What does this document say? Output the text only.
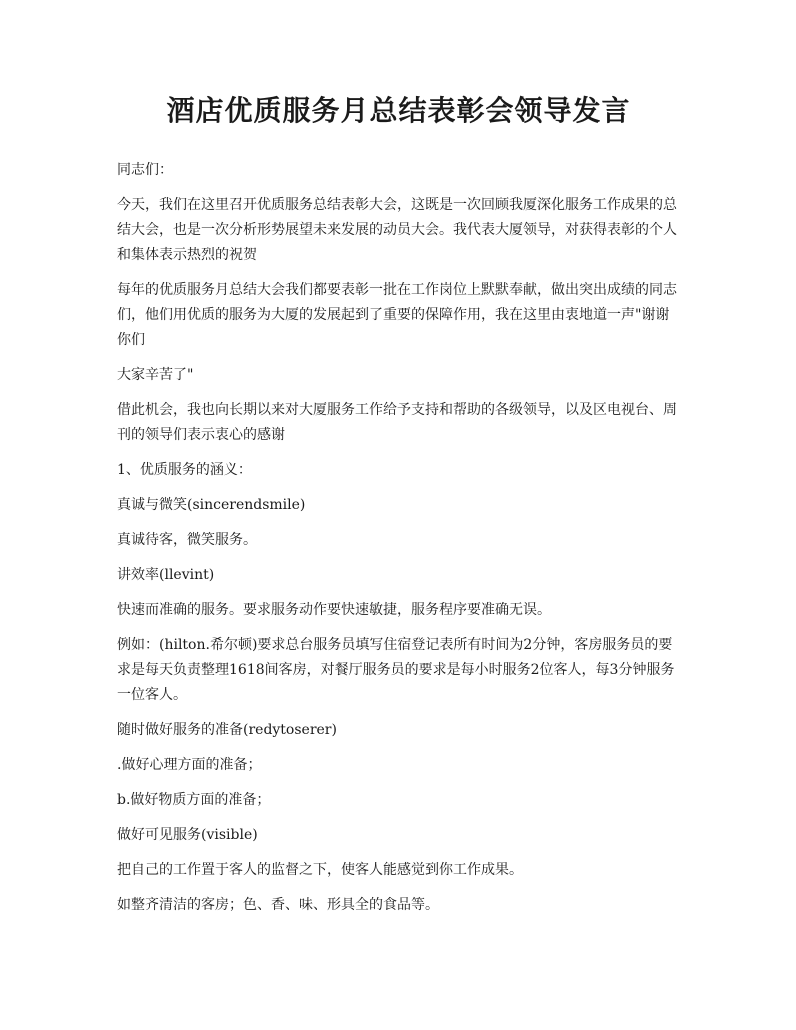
酒店优质服务月总结表彰会领导发言

同志们：

今天，我们在这里召开优质服务总结表彰大会，这既是一次回顾我厦深化服务工作成果的总结大会，也是一次分析形势展望未来发展的动员大会。我代表大厦领导，对获得表彰的个人和集体表示热烈的祝贺

每年的优质服务月总结大会我们都要表彰一批在工作岗位上默默奉献，做出突出成绩的同志们，他们用优质的服务为大厦的发展起到了重要的保障作用，我在这里由衷地道一声"谢谢你们

大家辛苦了"

借此机会，我也向长期以来对大厦服务工作给予支持和帮助的各级领导，以及区电视台、周刊的领导们表示衷心的感谢

1、优质服务的涵义：

真诚与微笑(sincerendsmile)

真诚待客，微笑服务。

讲效率(llevint)

快速而准确的服务。要求服务动作要快速敏捷，服务程序要准确无误。

例如：(hilton.希尔顿)要求总台服务员填写住宿登记表所有时间为2分钟，客房服务员的要求是每天负责整理1618间客房，对餐厅服务员的要求是每小时服务2位客人，每3分钟服务一位客人。

随时做好服务的准备(redytoserer)

.做好心理方面的准备；

b.做好物质方面的准备；

做好可见服务(visible)

把自己的工作置于客人的监督之下，使客人能感觉到你工作成果。

如整齐清洁的客房；色、香、味、形具全的食品等。
